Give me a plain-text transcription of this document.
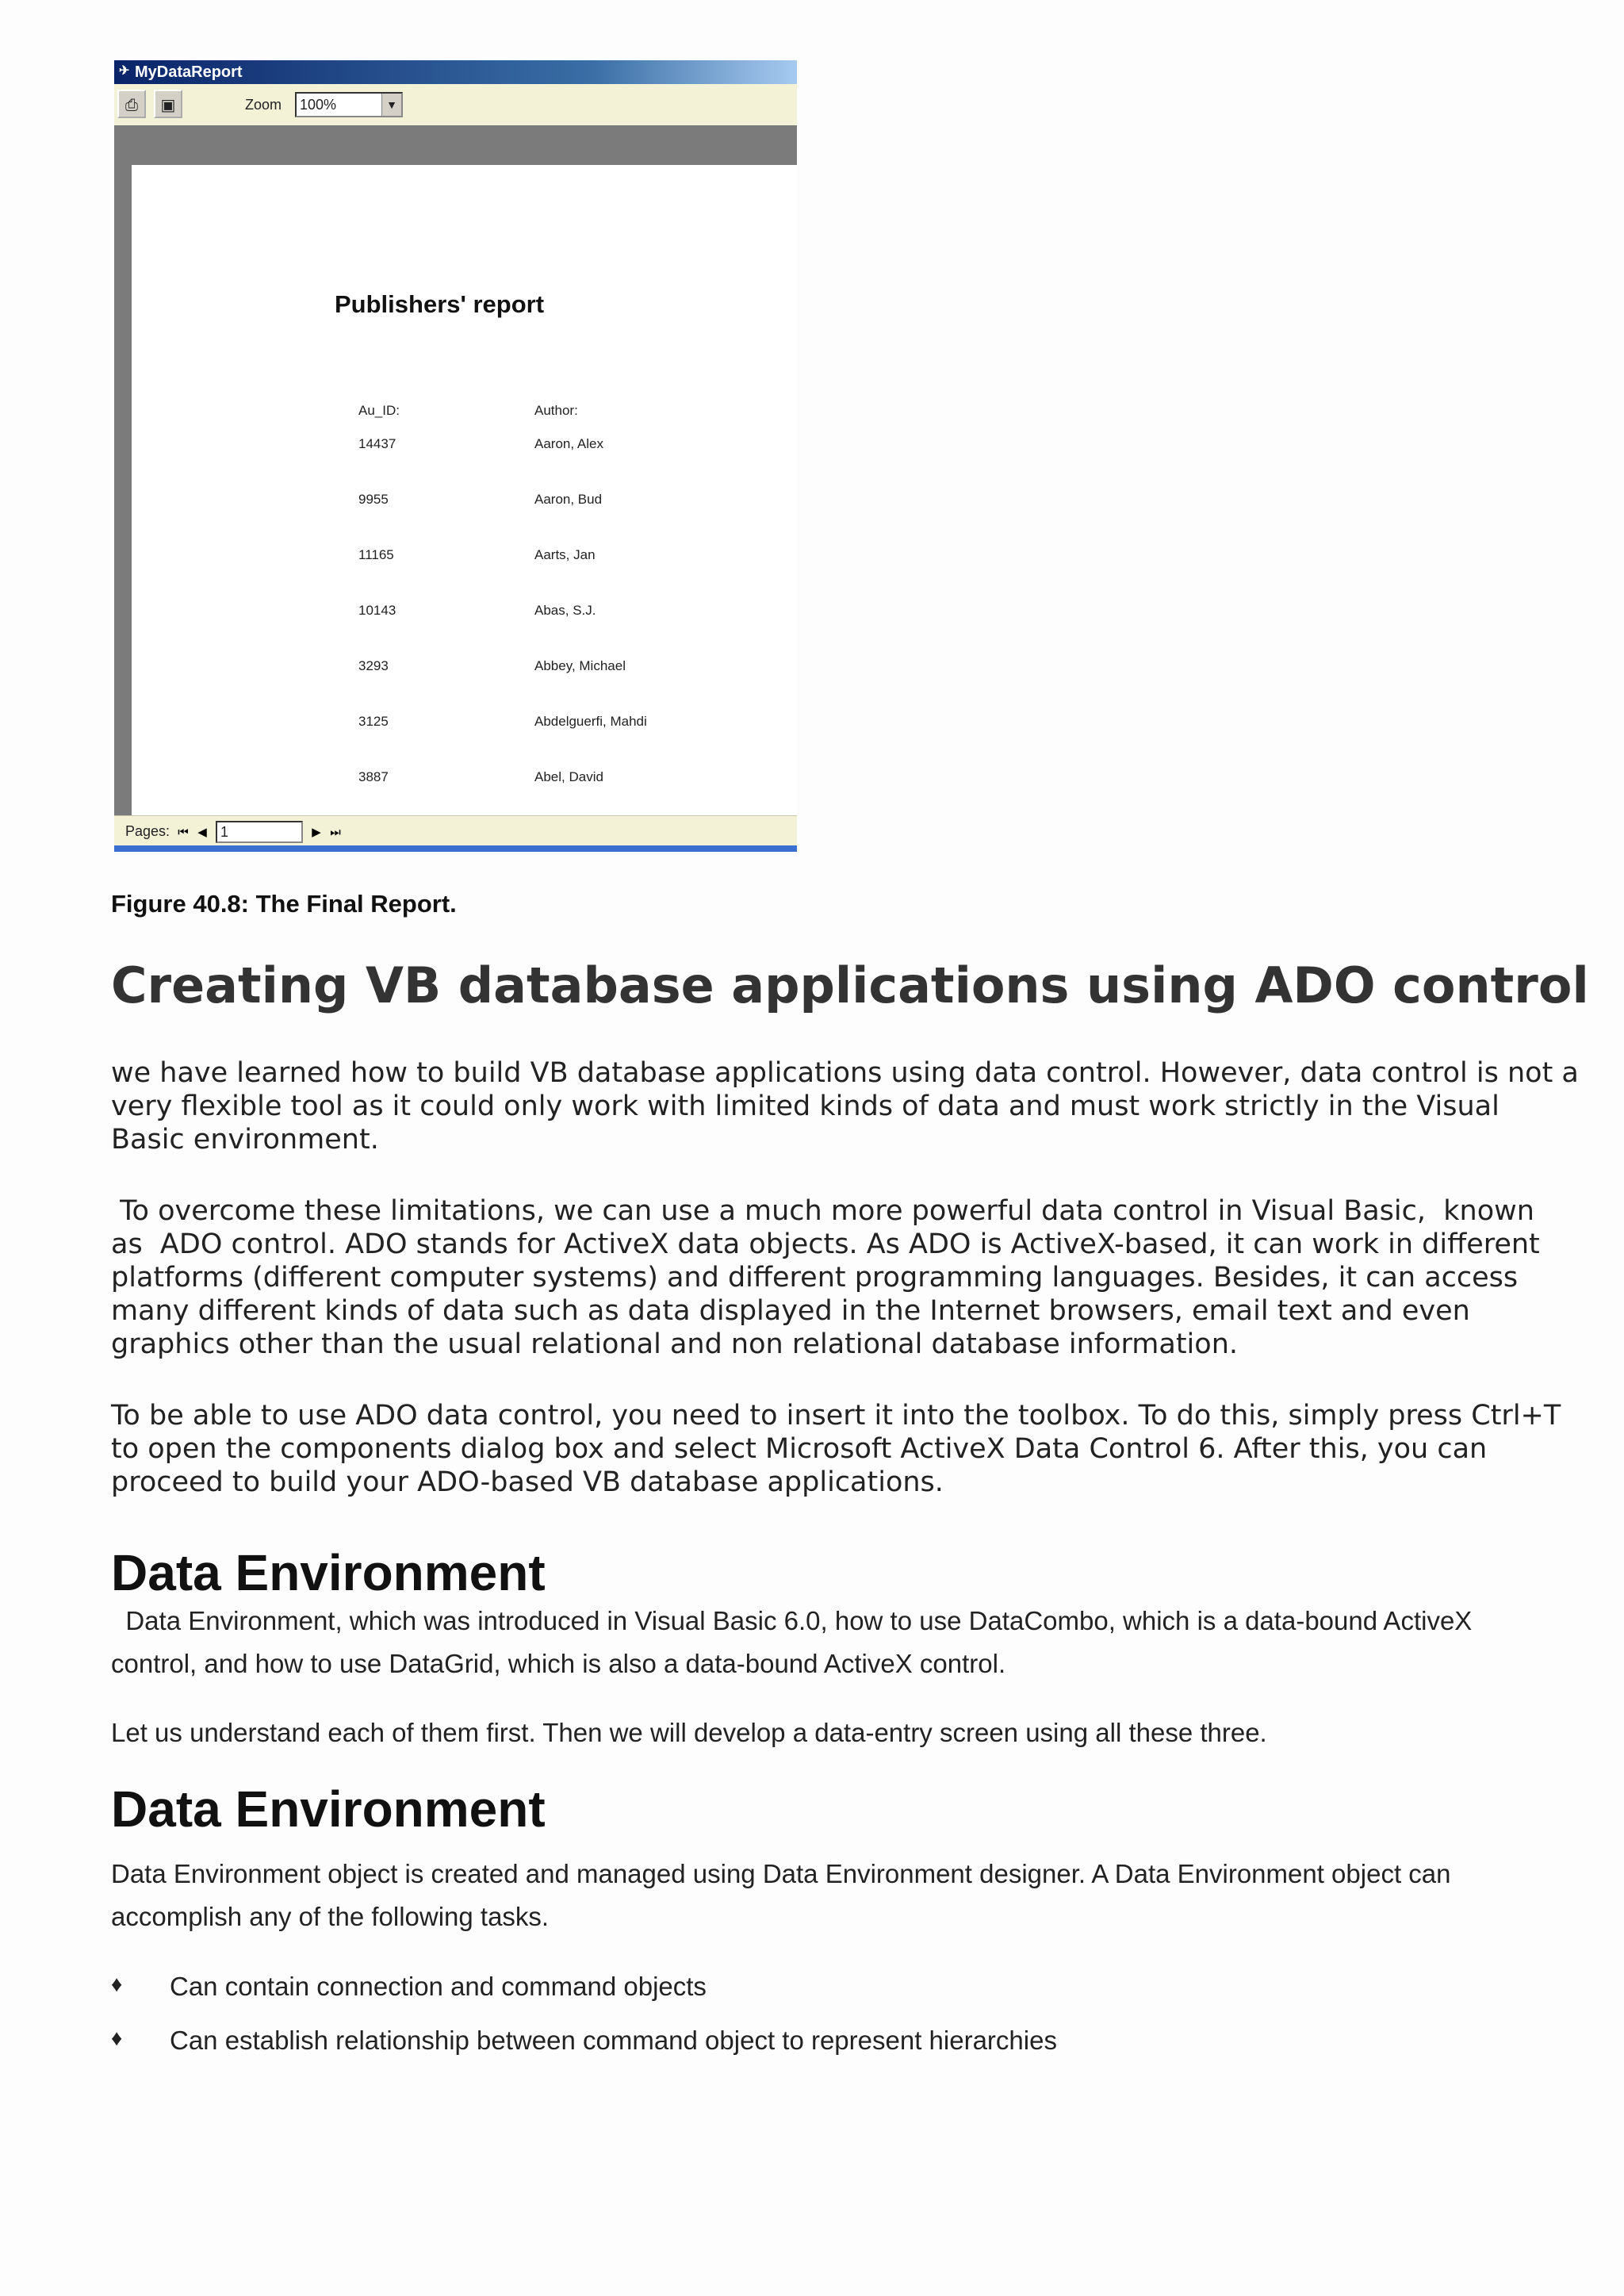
✈ MyDataReport
⎙	▣	Zoom	100%	▼
Publishers' report
Au_ID:	Author:
14437	Aaron, Alex
9955	Aaron, Bud
11165	Aarts, Jan
10143	Abas, S.J.
3293	Abbey, Michael
3125	Abdelguerfi, Mahdi
3887	Abel, David
Pages: ⏮ ◀ 1	▶ ⏭
Figure 40.8: The Final Report.
Creating VB database applications using ADO control
we have learned how to build VB database applications using data control. However, data control is not a
very flexible tool as it could only work with limited kinds of data and must work strictly in the Visual
Basic environment.
To overcome these limitations, we can use a much more powerful data control in Visual Basic,  known
as  ADO control. ADO stands for ActiveX data objects. As ADO is ActiveX-based, it can work in different
platforms (different computer systems) and different programming languages. Besides, it can access
many different kinds of data such as data displayed in the Internet browsers, email text and even
graphics other than the usual relational and non relational database information.
To be able to use ADO data control, you need to insert it into the toolbox. To do this, simply press Ctrl+T
to open the components dialog box and select Microsoft ActiveX Data Control 6. After this, you can
proceed to build your ADO-based VB database applications.
Data Environment
Data Environment, which was introduced in Visual Basic 6.0, how to use DataCombo, which is a data-bound ActiveX
control, and how to use DataGrid, which is also a data-bound ActiveX control.
Let us understand each of them first. Then we will develop a data-entry screen using all these three.
Data Environment
Data Environment object is created and managed using Data Environment designer. A Data Environment object can
accomplish any of the following tasks.
♦ Can contain connection and command objects
♦ Can establish relationship between command object to represent hierarchies
